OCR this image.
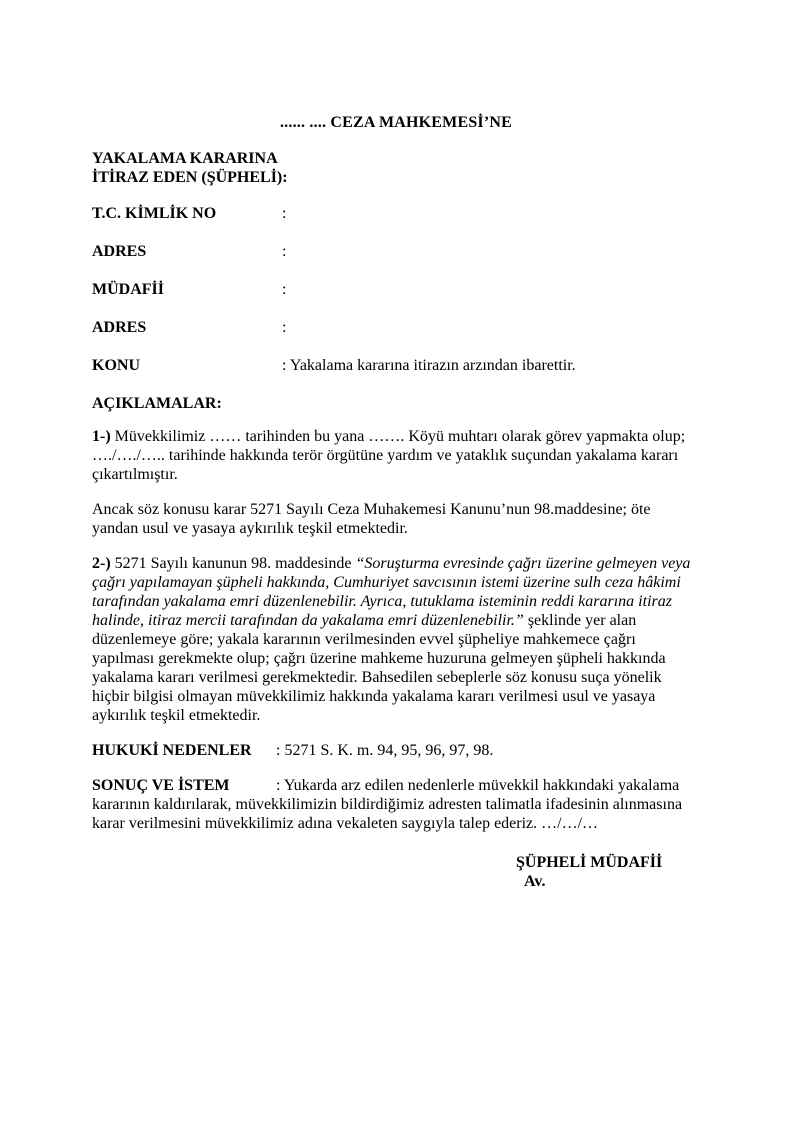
...... .... CEZA MAHKEMESİ’NE
YAKALAMA KARARINA
İTİRAZ EDEN (ŞÜPHELİ):
T.C. KİMLİK NO	:
ADRES	:
MÜDAFİİ	:
ADRES	:
KONU	: Yakalama kararına itirazın arzından ibarettir.
AÇIKLAMALAR:

1-) Müvekkilimiz …… tarihinden bu yana ……. Köyü muhtarı olarak görev yapmakta olup; …./…./….. tarihinde hakkında terör örgütüne yardım ve yataklık suçundan yakalama kararı çıkartılmıştır.

Ancak söz konusu karar 5271 Sayılı Ceza Muhakemesi Kanunu’nun 98.maddesine; öte yandan usul ve yasaya aykırılık teşkil etmektedir.

2-) 5271 Sayılı kanunun 98. maddesinde “Soruşturma evresinde çağrı üzerine gelmeyen veya çağrı yapılamayan şüpheli hakkında, Cumhuriyet savcısının istemi üzerine sulh ceza hâkimi tarafından yakalama emri düzenlenebilir. Ayrıca, tutuklama isteminin reddi kararına itiraz halinde, itiraz mercii tarafından da yakalama emri düzenlenebilir.” şeklinde yer alan düzenlemeye göre; yakala kararının verilmesinden evvel şüpheliye mahkemece çağrı yapılması gerekmekte olup; çağrı üzerine mahkeme huzuruna gelmeyen şüpheli hakkında yakalama kararı verilmesi gerekmektedir. Bahsedilen sebeplerle söz konusu suça yönelik hiçbir bilgisi olmayan müvekkilimiz hakkında yakalama kararı verilmesi usul ve yasaya aykırılık teşkil etmektedir.

HUKUKİ NEDENLER : 5271 S. K. m. 94, 95, 96, 97, 98.

SONUÇ VE İSTEM	: Yukarda arz edilen nedenlerle müvekkil hakkındaki yakalama kararının kaldırılarak, müvekkilimizin bildirdiğimiz adresten talimatla ifadesinin alınmasına karar verilmesini müvekkilimiz adına vekaleten saygıyla talep ederiz. …/…/…

ŞÜPHELİ MÜDAFİİ
Av.
